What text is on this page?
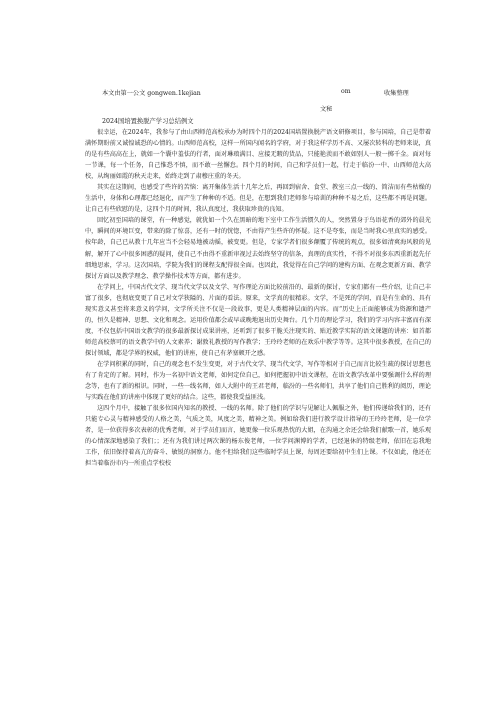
本文由第一公文 gongwen.1kejian	om	收集整理
文秘
2024国培置换脱产学习总结例文

很幸运，在2024年，我参与了由山西师范高校承办为时四个月的2024国培置换脱产语文研修项目，参与国培，自己是带着满怀期盼前又诚惶诚恐的心情的。山西师范高校，这样一所国内闻名的学府，对于我这样学历不高、又屡次转科的老师来说，真的是有些高高在上，就如一个囊中羞怯的行者，面对琳琅满目、应接无暇的货品，只能艳羡而不敢如别人一般一掷千金。面对每一节课，每一个任务，自己惟恐不慎，而不敢一丝懈怠。四个月的时间，自己和学员们一起，行走于临汾一中、山西师范大高校，从绚丽如霞的秋天走来，始终走到了肃穆庄重的冬天。

其实在这期间，也感受了些许的苦恼：离开集体生活十几年之后，再回到宿舍、食堂、教室三点一线的、简洁而有些枯燥的生活中，身体和心理都已经退化，而产生了种种的不适。但是，在想到我们老师参与培训的种种不易之后，这些都不再是问题。让自己有些欣慰的是，这四个月的时间，我认真度过，我获取珍贵的良知。

回忆初至国培的课堂，有一种感觉，就犹如一个久在黑暗的地下室中工作生活惯久的人，突然置身于鸟语花香的郊外的晨光中，瞬间的环境巨变，带来的除了惊喜，还有一时的恍惚，不由得产生些许的怀疑。这不是夸张，而是当时我心里真实的感受。按年龄，自己已从教十几年应当不会轻易地被动摇，被变更。但是，专家学者们很多颠覆了传统的观点，很多如清爽海风般的见解，解开了心中很多困惑的疑问，使自己不由得不重新审视过去始终坚守的信条，真理的真实性，不得不对很多东西重新起先仔细地思索，学习。这次国培，学院为我们的课程支配得很全面。也因此，我觉得在自己学问的建构方面、在观念更新方面、教学探讨方面以及教学理念、教学操作技术等方面，都有进步。

在学问上，中国古代文学、现当代文学以及文学、写作理论方面比较前沿的、最新的探讨，专家们都有一些介绍，让自己丰富了很多，也彻底变更了自己对文学狭隘的、片面的看法。原来，文学真的很精彩。文学，不是死的学问，而是有生命的、具有现实意义甚至将来意义的学问，文学所关注不仅是一段故事，更是人类精神层面的内容。而“历史上正面能够成为资源和遗产的，恒久是精神、思想、文化和观念。运用价值都会或早或晚地退出历史舞台。几个月的理论学习，我们的学习内容丰富而有深度，不仅包括中国语文教学的很多最新探讨成果讲座，还听到了很多干脆关注现实的、贴近教学实际的语文课题的讲座：如首都师范高校蔡可的语文教学中的人文素养；谢敦礼教授的写作教学；王玲玲老师的在欢乐中教学等等。这其中很多教授，在自己的探讨领域，都是学界的权威，他们的讲座，使自己有茅塞顿开之感。

在学问积累的同时，自己的观念也不发生变更，对于古代文学、现当代文学，写作等相对于自己而言比较生疏的探讨思想也有了肯定的了解。同时，作为一名初中语文老师，如何定位自己，如何把握初中语文课程，在语文教学改革中要强调什么样的理念等，也有了新的相识。同时，一些一线名师，如人大附中的王君老师，临汾的一些名师们，共享了他们自己胜利的阅历，理论与实践在他们的讲座中体现了更好的结合。这些，都使我受益匪浅。

这四个月中，接触了很多位国内知名的教授、一线的名师。除了他们的学识与见解让人佩服之外，他们传递给我们的，还有只能专心灵与精神感受的人格之美，气质之美，风度之美，精神之美。例如给我们进行教学设计指导的王玲玲老师，是一位学者，是一位获得多次表彰的优秀老师，对于学员们而言，她更像一位乐观热忱的大姐，在沟通之余还会给我们献歌一首，她乐观的心情深深地感染了我们；；还有为我们讲过两次课的杨东俊老师，一位学问渊博的学者，已经退休的特级老师，依旧在忘我地工作，依旧保持着高亢的奋斗、敏锐的洞察力。他不但给我们这些临时学员上课，每周还要给初中生们上课。不仅如此，他还在担当着临汾市内一所重点学校校
